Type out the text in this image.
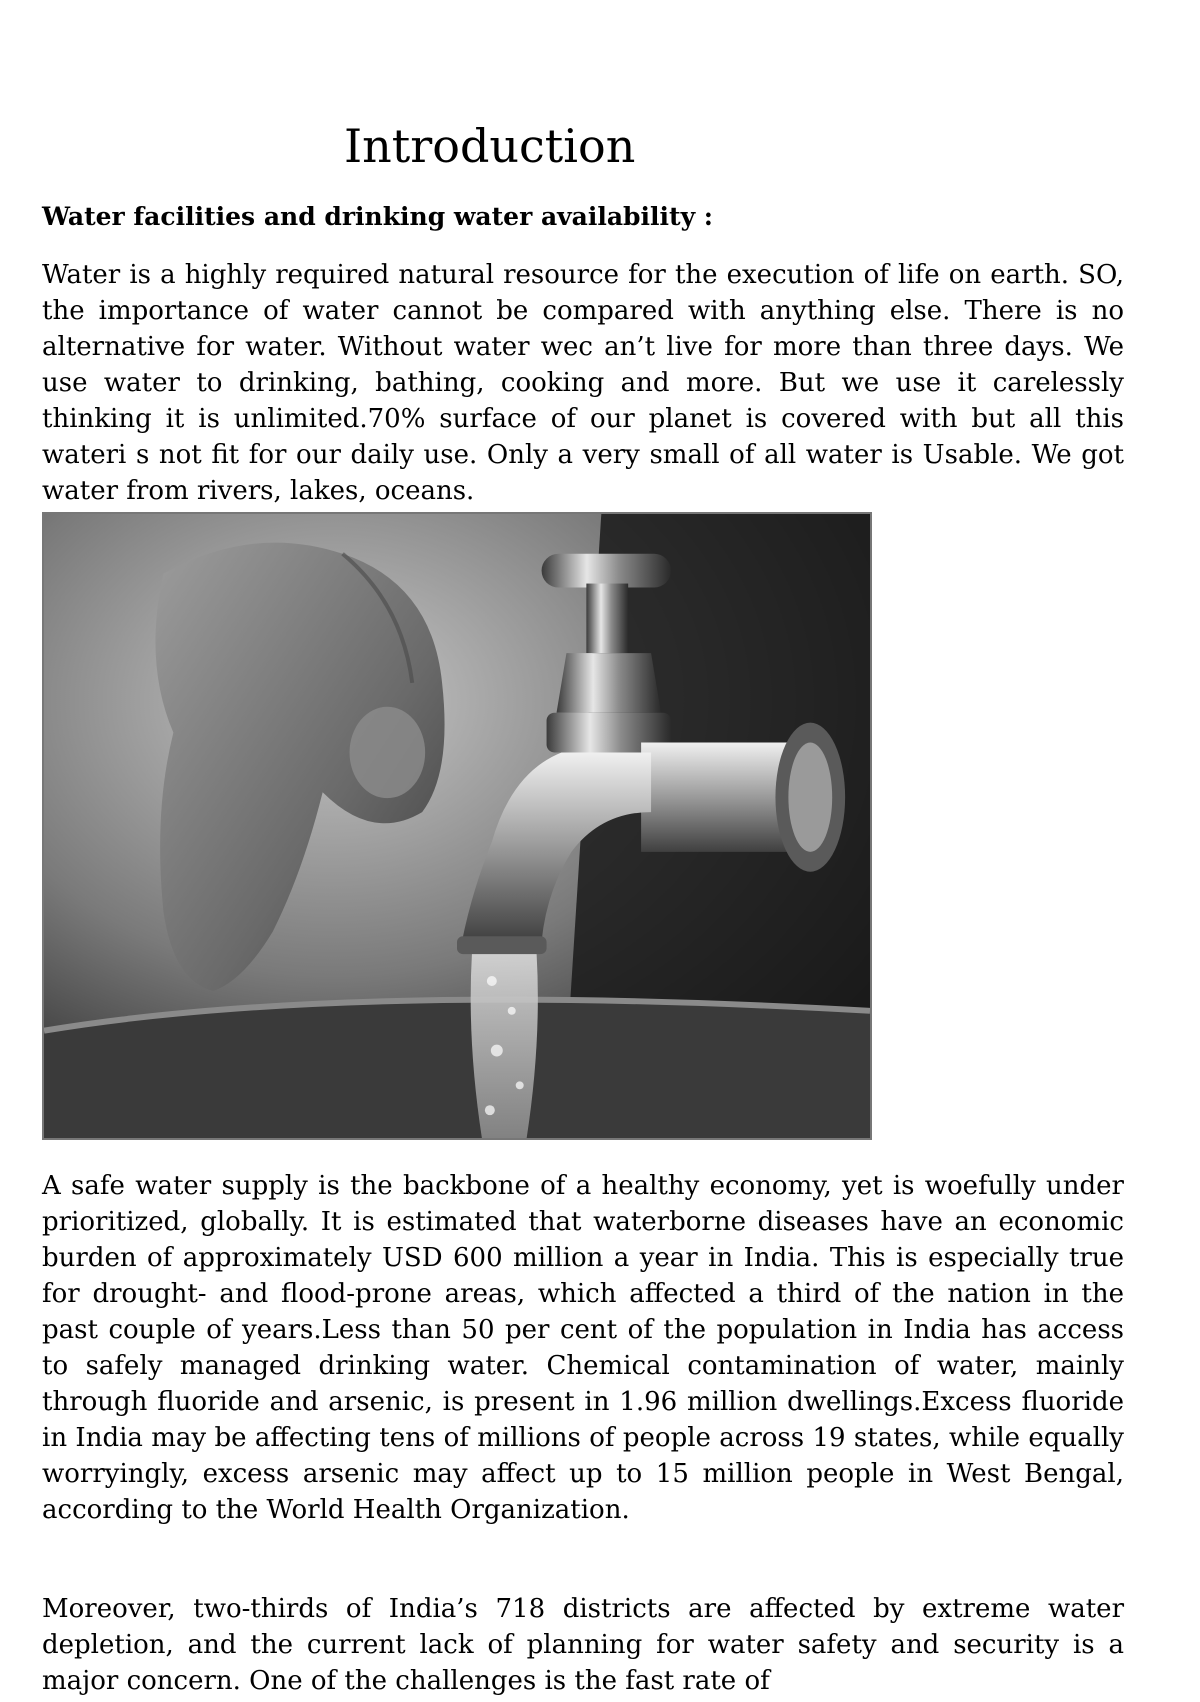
Introduction
Water facilities and drinking water availability :

Water is a highly required natural resource for the execution of life on earth. SO, the importance of water cannot be compared with anything else. There is no alternative for water. Without water wec an’t live for more than three days. We use water to drinking, bathing, cooking and more. But we use it carelessly thinking it is unlimited.70% surface of our planet is covered with but all this wateri s not fit for our daily use. Only a very small of all water is Usable. We got water from rivers, lakes, oceans.

A safe water supply is the backbone of a healthy economy, yet is woefully under prioritized, globally. It is estimated that waterborne diseases have an economic burden of approximately USD 600 million a year in India. This is especially true for drought- and flood-prone areas, which affected a third of the nation in the past couple of years.Less than 50 per cent of the population in India has access to safely managed drinking water. Chemical contamination of water, mainly through fluoride and arsenic, is present in 1.96 million dwellings.Excess fluoride in India may be affecting tens of millions of people across 19 states, while equally worryingly, excess arsenic may affect up to 15 million people in West Bengal, according to the World Health Organization.

Moreover, two-thirds of India’s 718 districts are affected by extreme water depletion, and the current lack of planning for water safety and security is a major concern. One of the challenges is the fast rate of
